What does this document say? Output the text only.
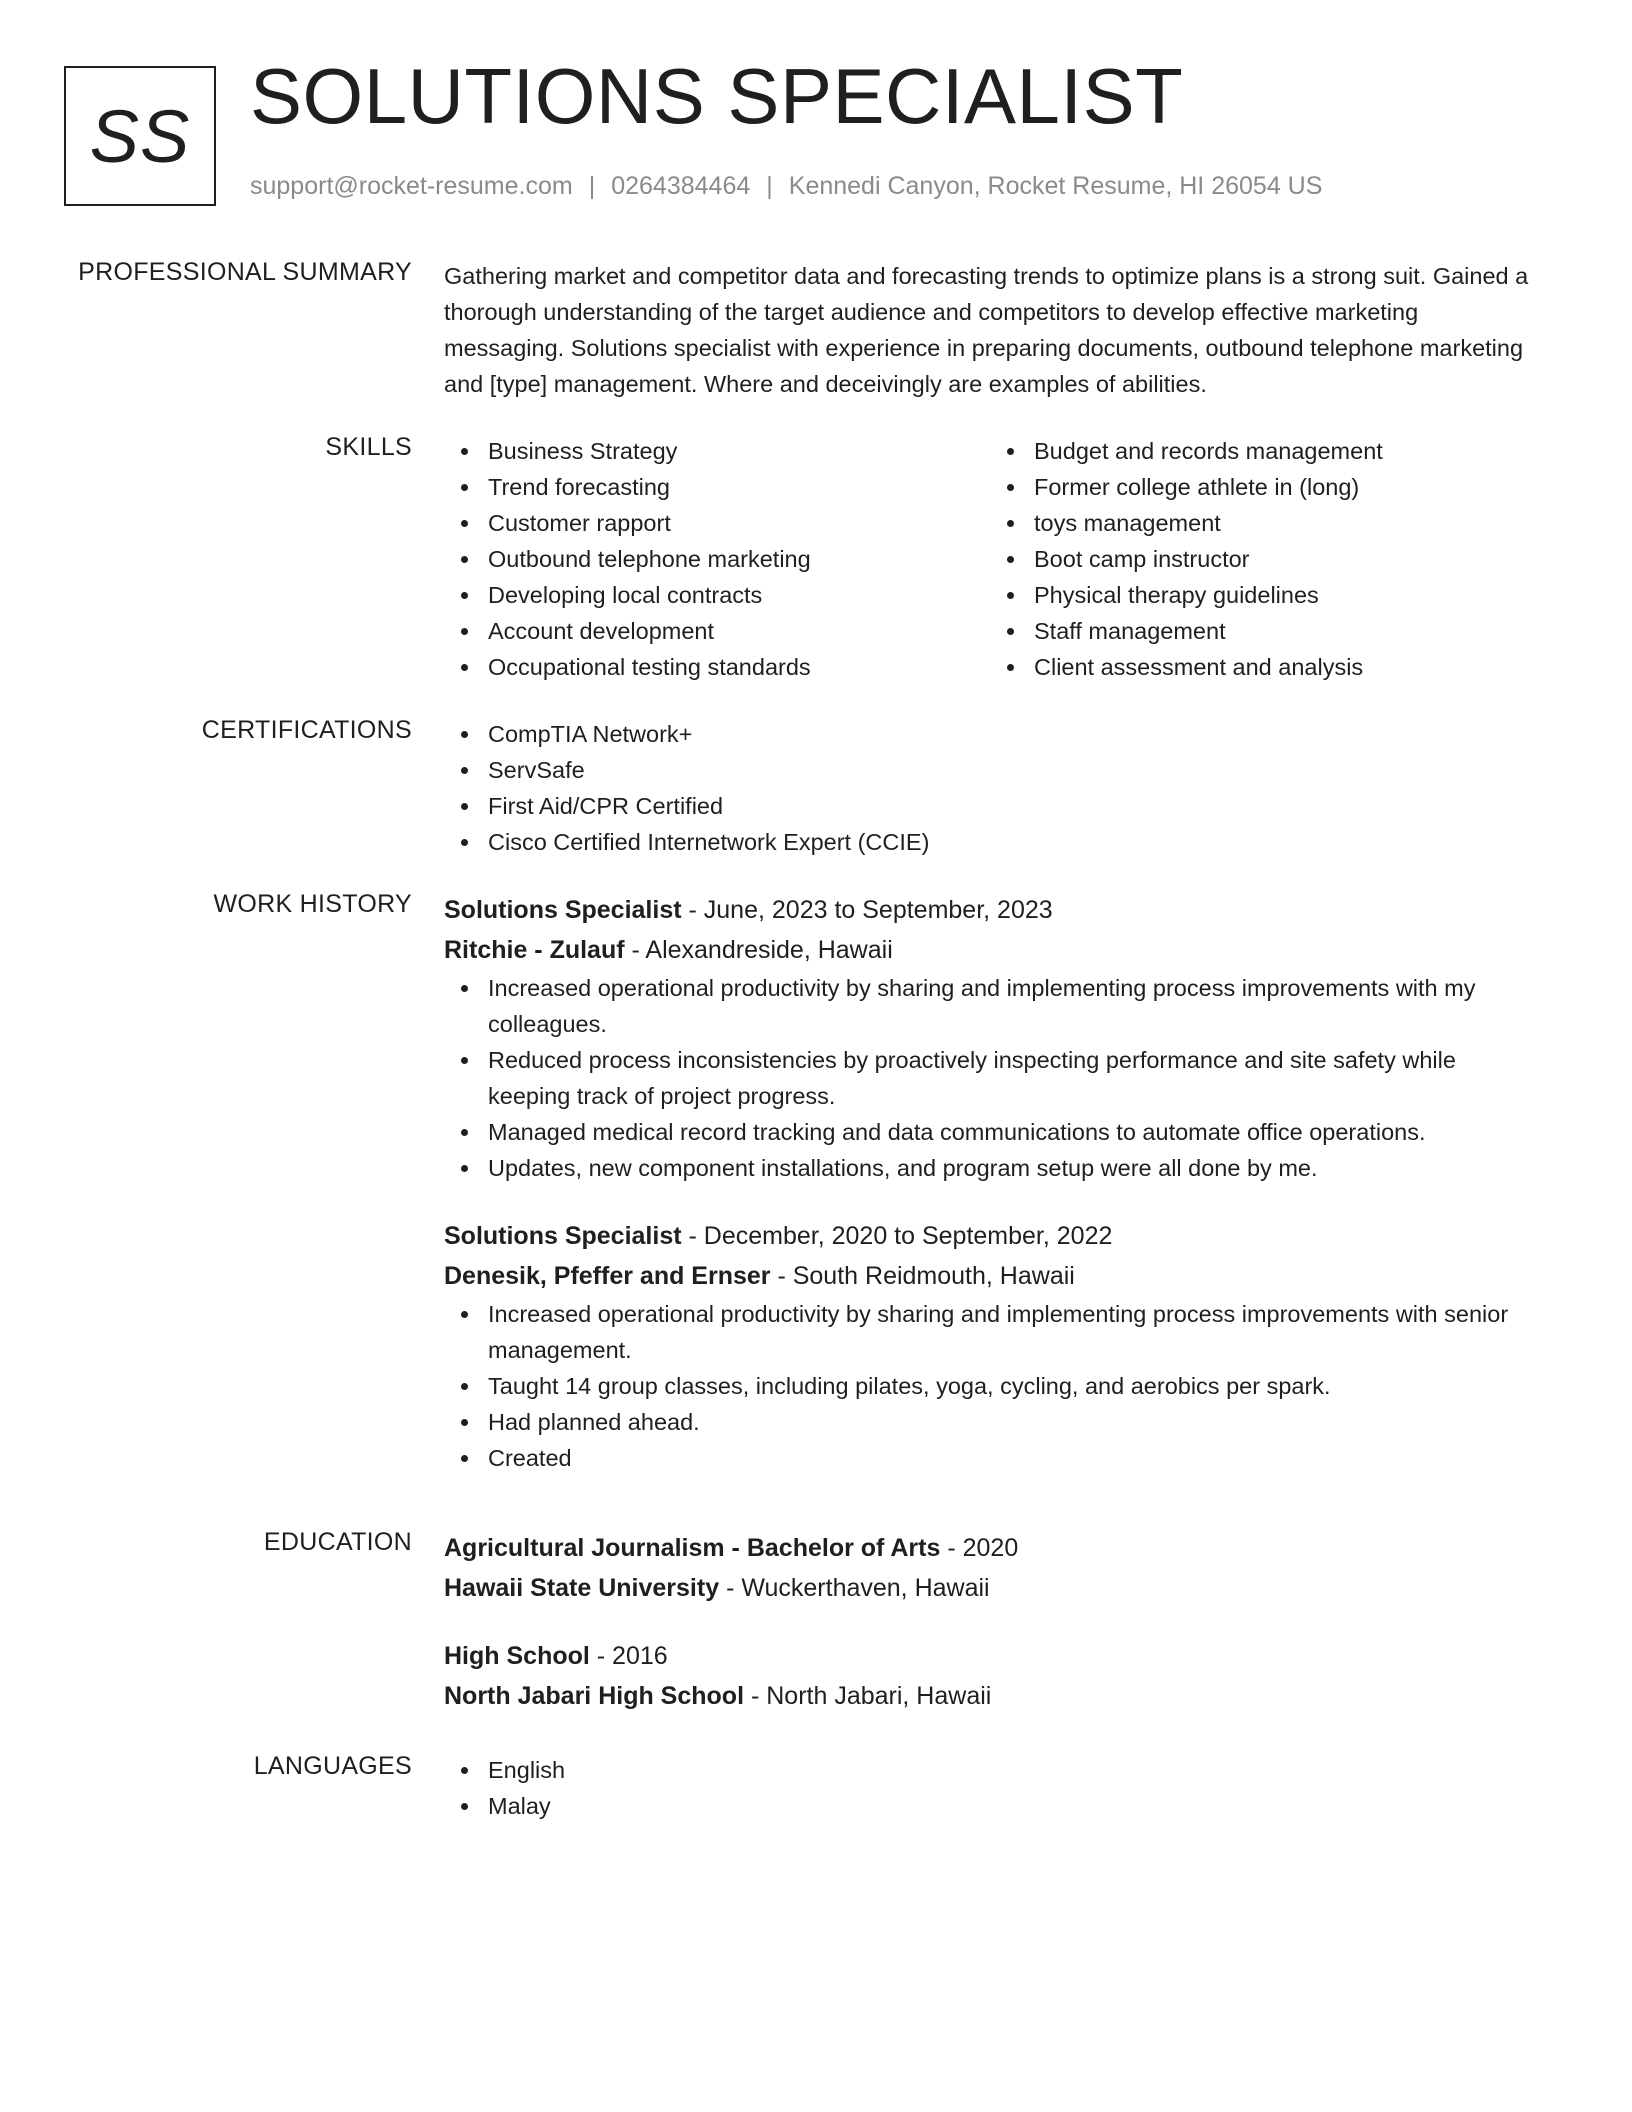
SS SOLUTIONS SPECIALIST
support@rocket-resume.com | 0264384464 | Kennedi Canyon, Rocket Resume, HI 26054 US
PROFESSIONAL SUMMARY Gathering market and competitor data and forecasting trends to optimize plans is a strong suit. Gained a thorough understanding of the target audience and competitors to develop effective marketing messaging. Solutions specialist with experience in preparing documents, outbound telephone marketing and [type] management. Where and deceivingly are examples of abilities.

SKILLS	Business Strategy
Trend forecasting
Customer rapport
Outbound telephone marketing
Developing local contracts
Account development
Occupational testing standards
Budget and records management
Former college athlete in (long)
toys management
Boot camp instructor
Physical therapy guidelines
Staff management
Client assessment and analysis
CERTIFICATIONS	CompTIA Network+
ServSafe
First Aid/CPR Certified
Cisco Certified Internetwork Expert (CCIE)
WORK HISTORY Solutions Specialist - June, 2023 to September, 2023
Ritchie - Zulauf - Alexandreside, Hawaii
Increased operational productivity by sharing and implementing process improvements with my colleagues.
Reduced process inconsistencies by proactively inspecting performance and site safety while keeping track of project progress.
Managed medical record tracking and data communications to automate office operations.
Updates, new component installations, and program setup were all done by me.
Solutions Specialist - December, 2020 to September, 2022
Denesik, Pfeffer and Ernser - South Reidmouth, Hawaii
Increased operational productivity by sharing and implementing process improvements with senior management.
Taught 14 group classes, including pilates, yoga, cycling, and aerobics per spark.
Had planned ahead.
Created
EDUCATION Agricultural Journalism - Bachelor of Arts - 2020
Hawaii State University - Wuckerthaven, Hawaii
High School - 2016
North Jabari High School - North Jabari, Hawaii
LANGUAGES	English
Malay
